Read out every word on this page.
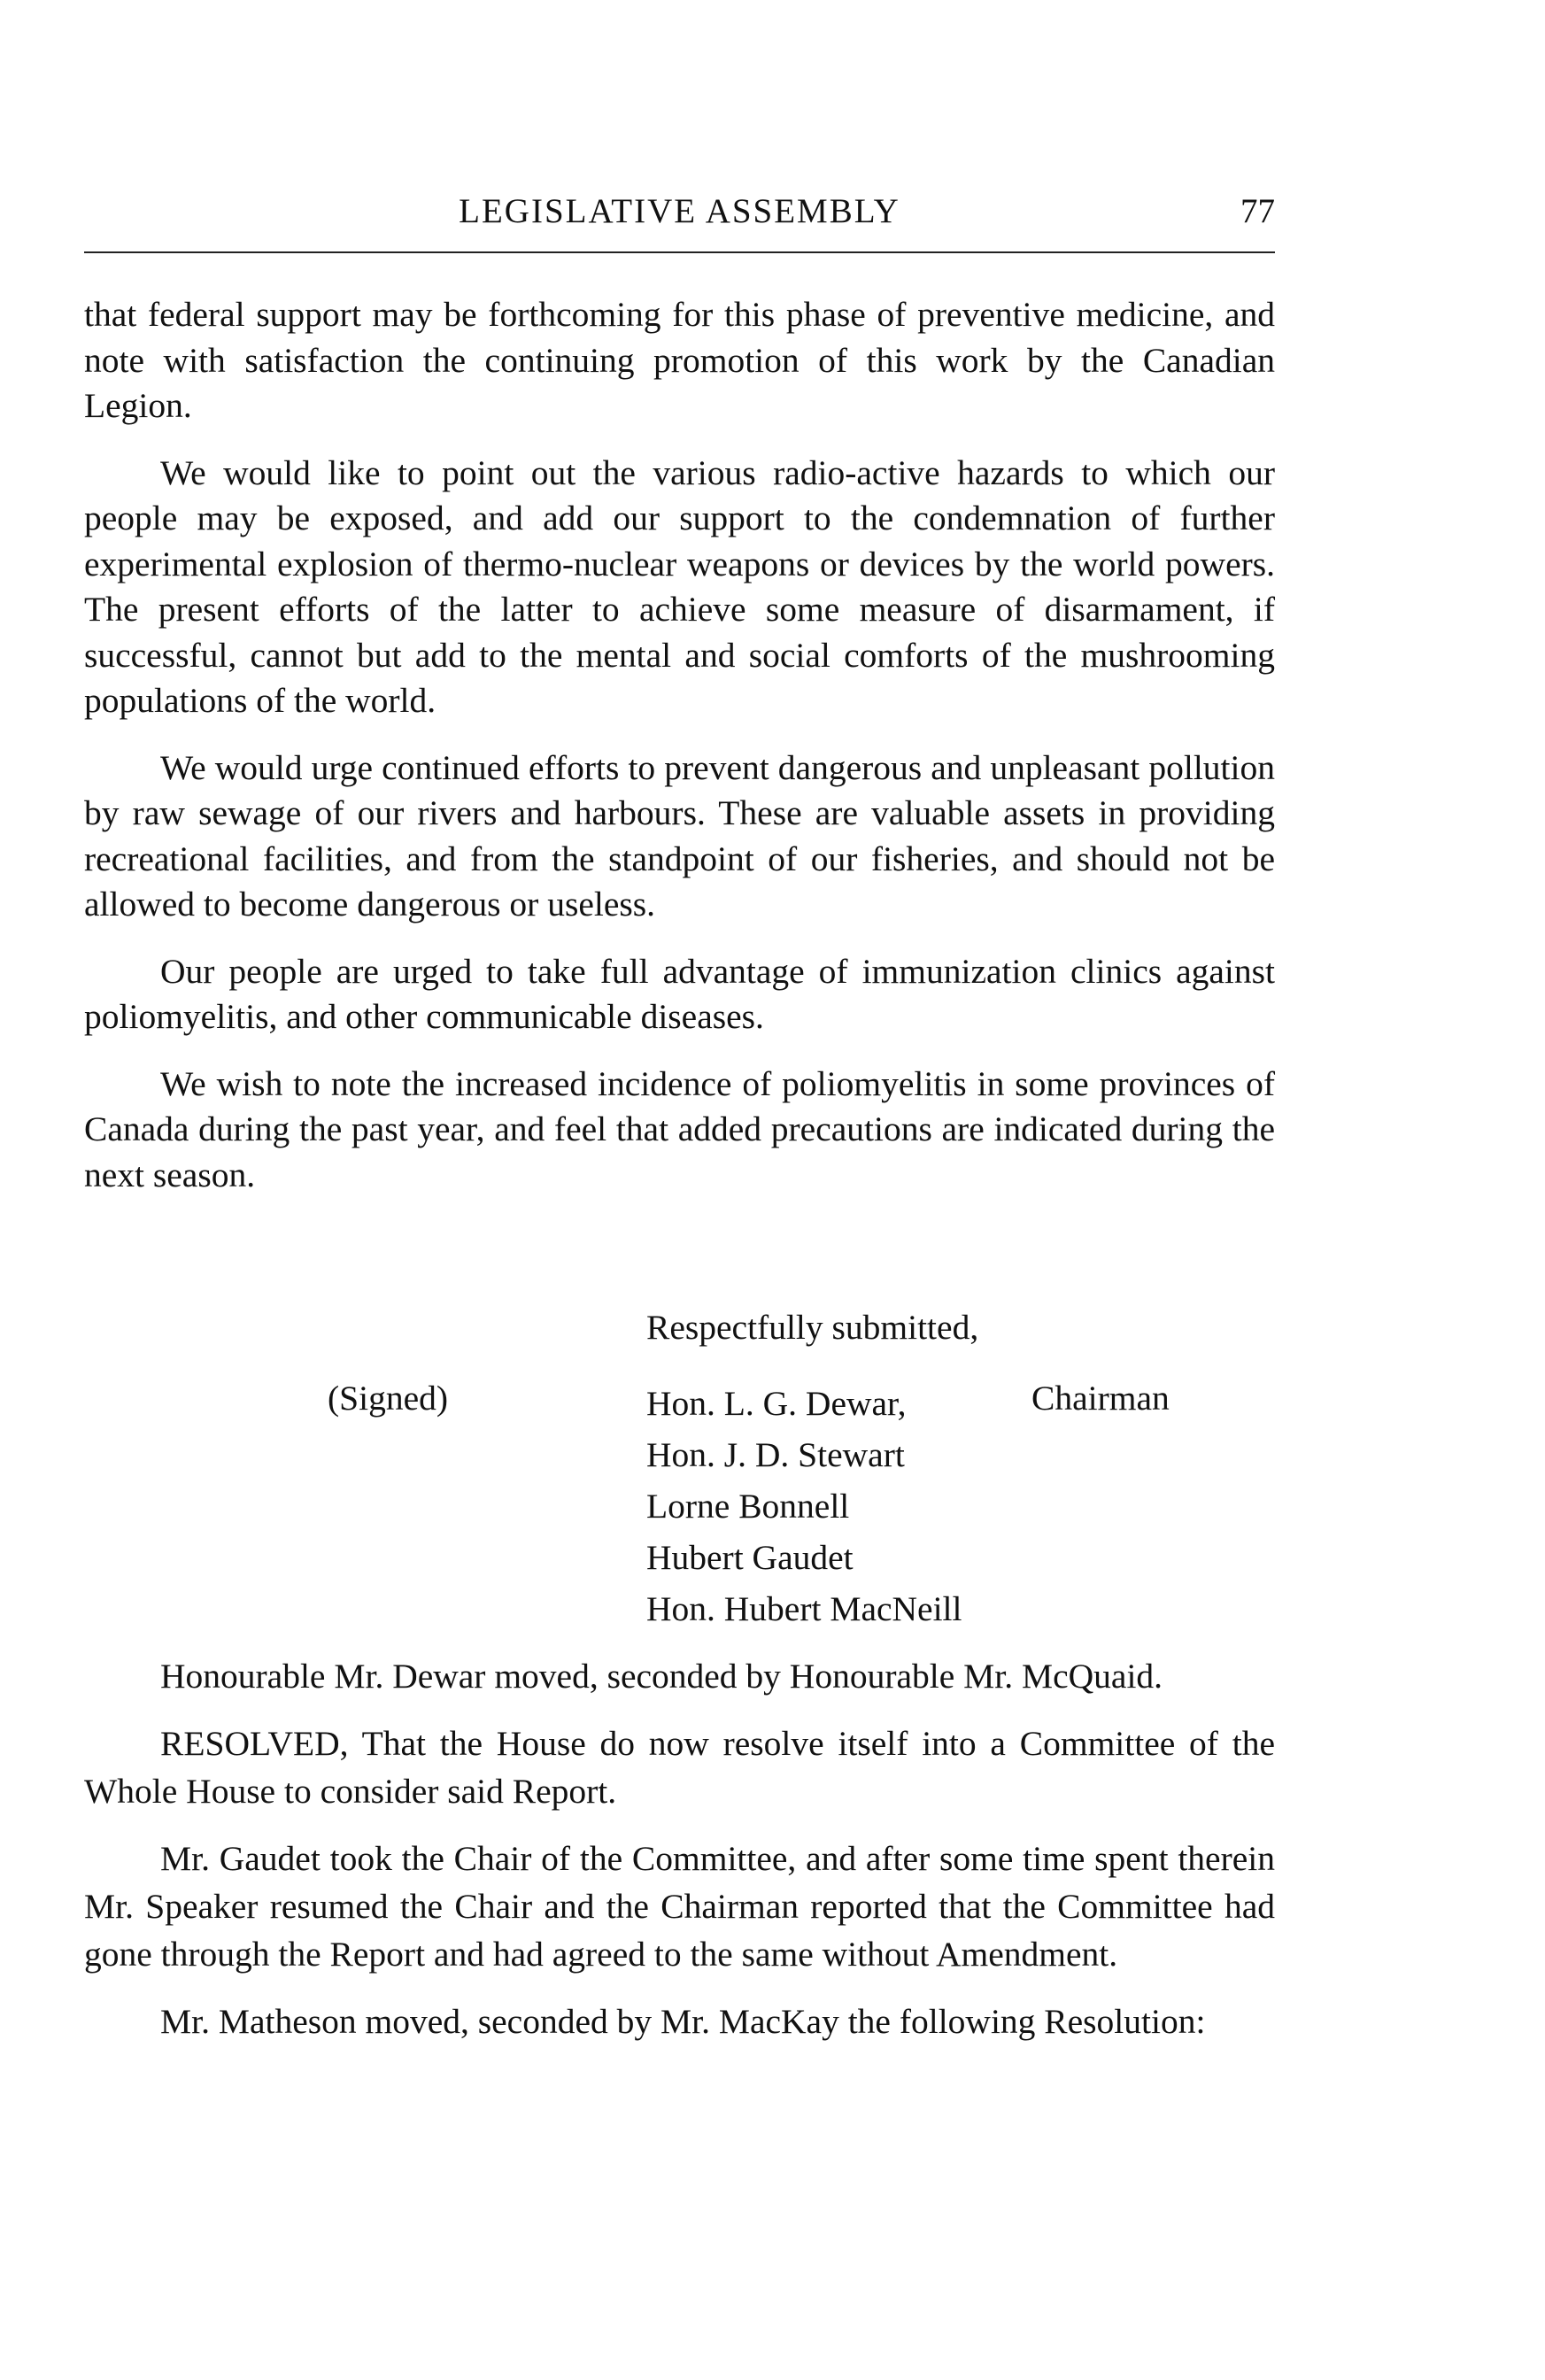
LEGISLATIVE ASSEMBLY	77

that federal support may be forthcoming for this phase of preventive medicine, and note with satisfaction the continuing promotion of this work by the Canadian Legion.

We would like to point out the various radio-active hazards to which our people may be exposed, and add our support to the condemnation of further experimental explosion of thermo-nuclear weapons or devices by the world powers. The present efforts of the latter to achieve some measure of disarmament, if successful, cannot but add to the mental and social comforts of the mushrooming populations of the world.

We would urge continued efforts to prevent dangerous and unpleasant pollution by raw sewage of our rivers and harbours. These are valuable assets in providing recreational facilities, and from the standpoint of our fisheries, and should not be allowed to become dangerous or useless.

Our people are urged to take full advantage of immunization clinics against poliomyelitis, and other communicable diseases.

We wish to note the increased incidence of poliomyelitis in some provinces of Canada during the past year, and feel that added precautions are indicated during the next season.

Respectfully submitted,
(Signed)	Hon. L. G. Dewar,
Hon. J. D. Stewart
Lorne Bonnell
Hubert Gaudet
Hon. Hubert MacNeill
Chairman

Honourable Mr. Dewar moved, seconded by Honourable Mr. McQuaid.

RESOLVED, That the House do now resolve itself into a Committee of the Whole House to consider said Report.

Mr. Gaudet took the Chair of the Committee, and after some time spent therein Mr. Speaker resumed the Chair and the Chairman reported that the Committee had gone through the Report and had agreed to the same without Amendment.

Mr. Matheson moved, seconded by Mr. MacKay the following Resolution:
